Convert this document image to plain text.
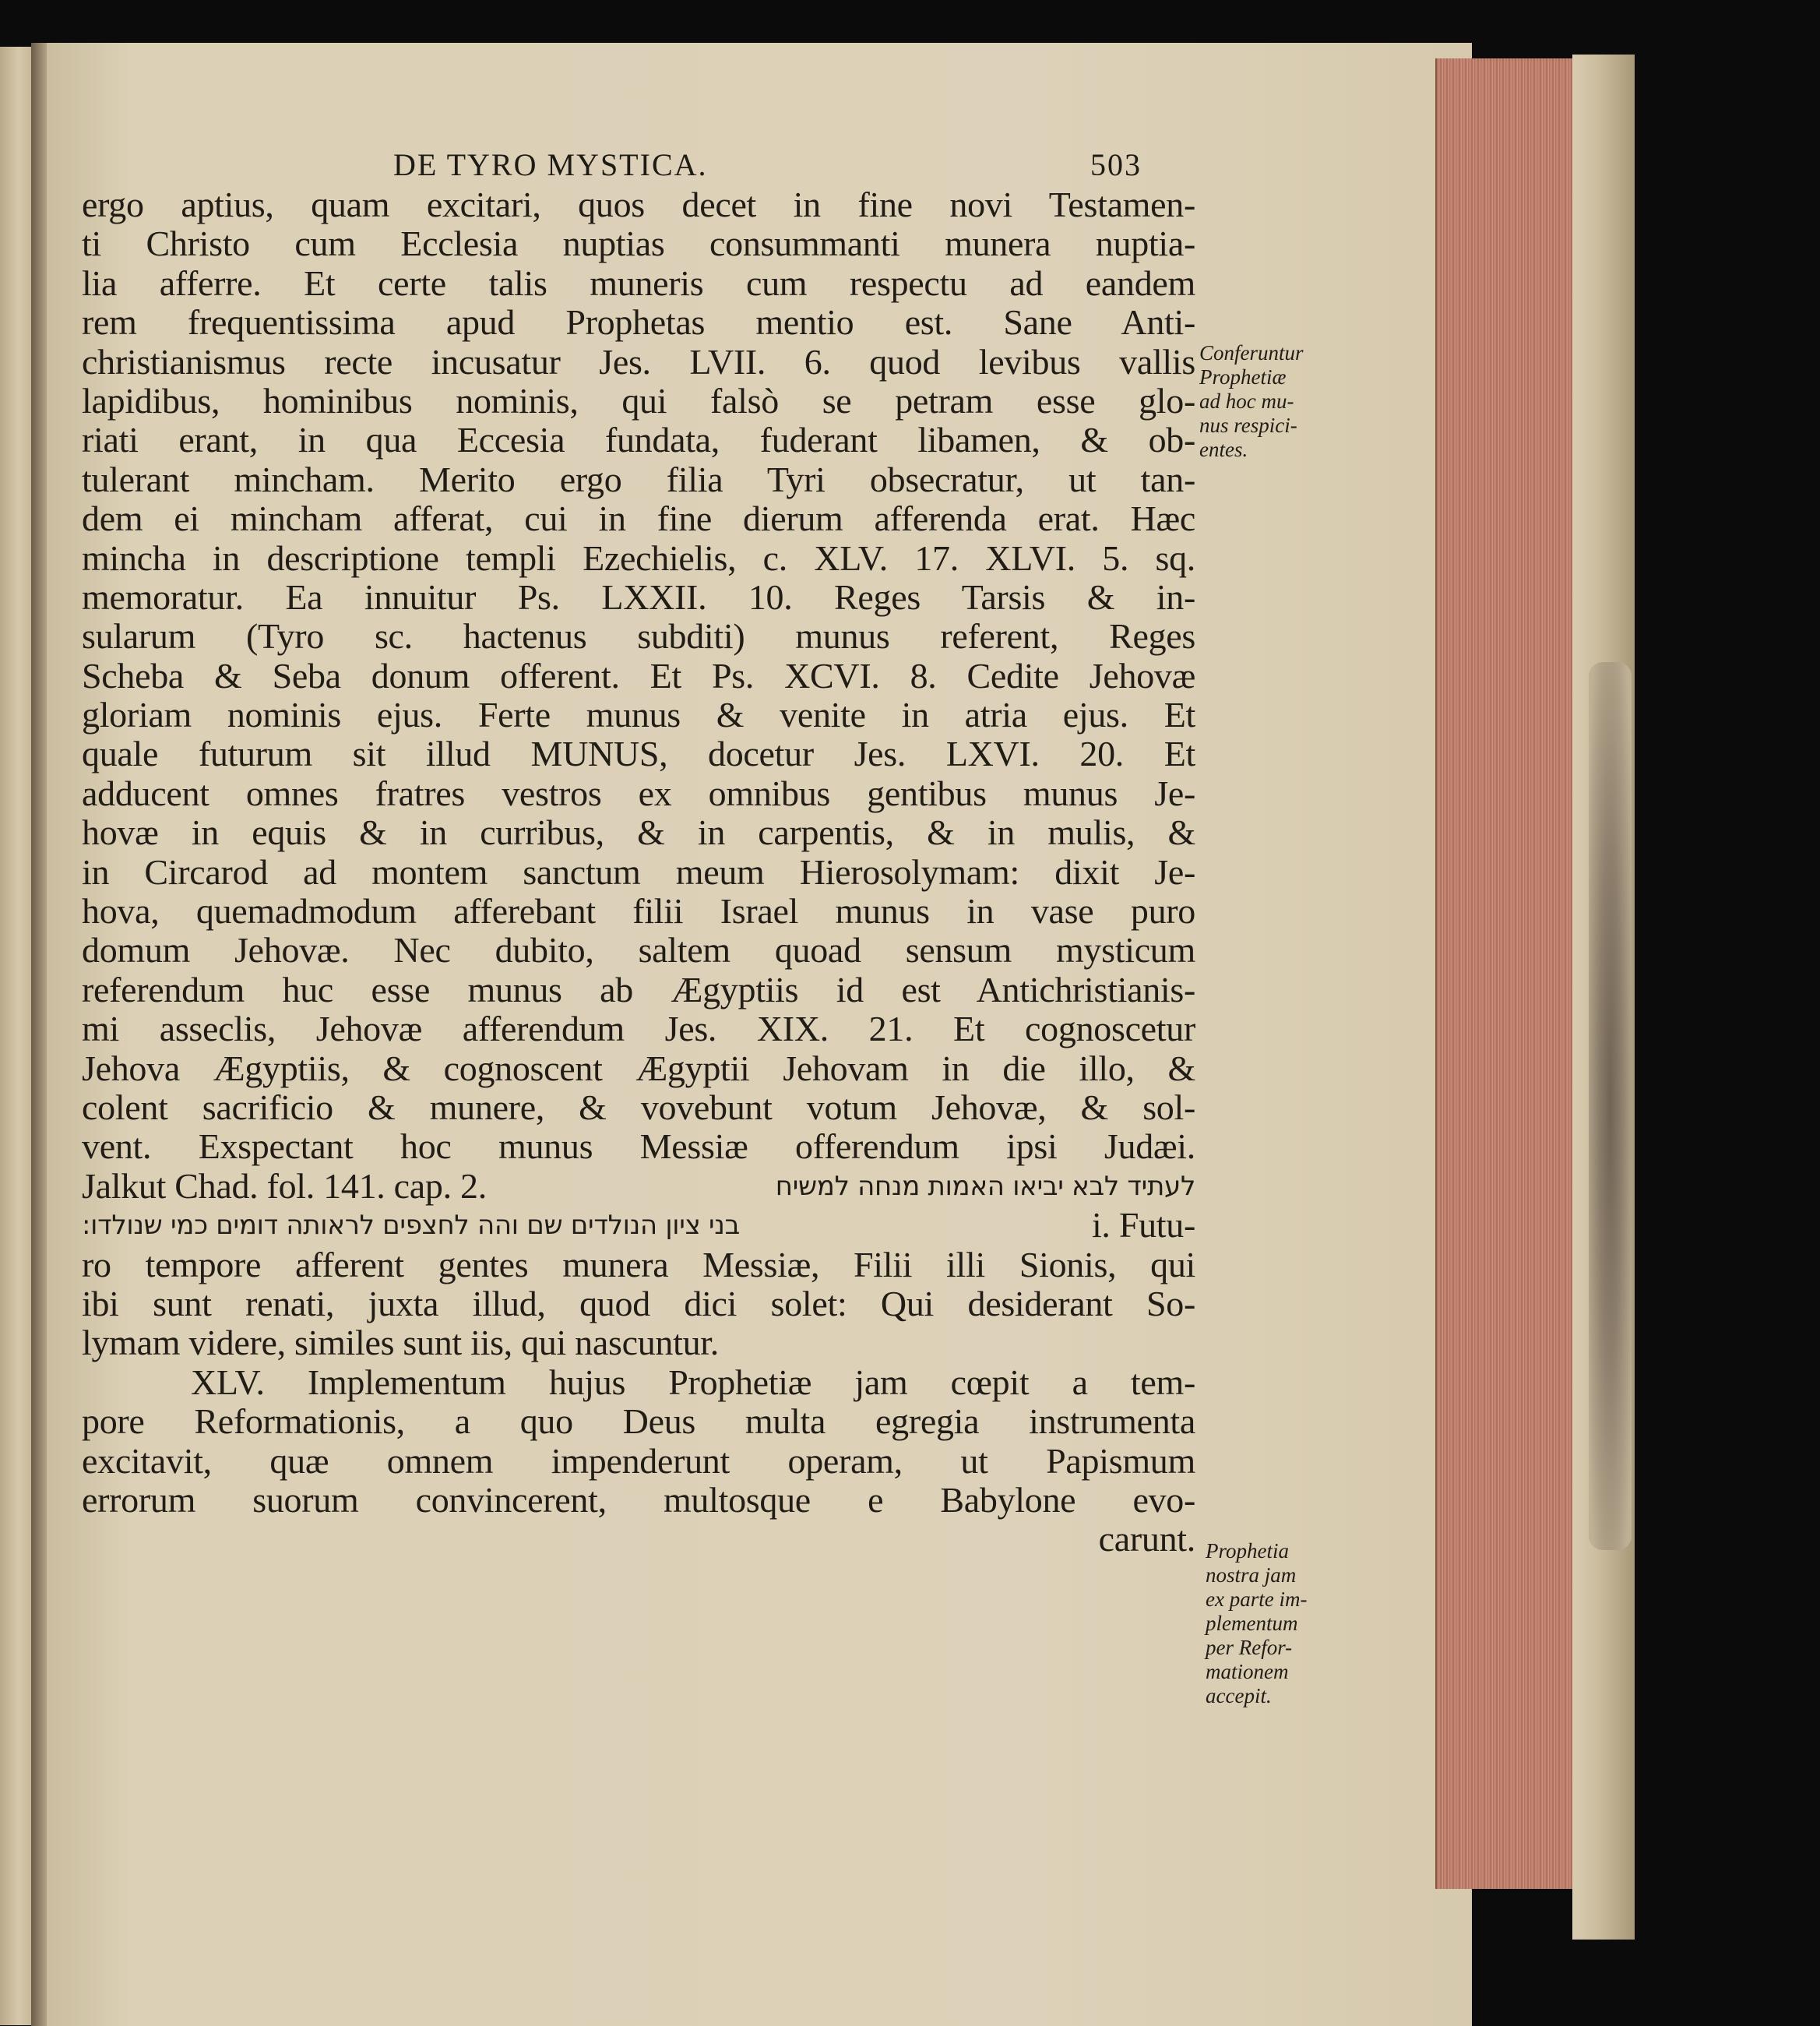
DE TYRO MYSTICA.	503
ergo aptius, quam excitari, quos decet in fine novi Testamen-
ti Christo cum Ecclesia nuptias consummanti munera nuptia-
lia afferre. Et certe talis muneris cum respectu ad eandem
rem frequentissima apud Prophetas mentio est. Sane Anti-
christianismus recte incusatur Jes. LVII. 6. quod levibus vallis
lapidibus, hominibus nominis, qui falsò se petram esse glo-
riati erant, in qua Eccesia fundata, fuderant libamen, & ob-
tulerant mincham. Merito ergo filia Tyri obsecratur, ut tan-
dem ei mincham afferat, cui in fine dierum afferenda erat. Hæc
mincha in descriptione templi Ezechielis, c. XLV. 17. XLVI. 5. sq.
memoratur. Ea innuitur Ps. LXXII. 10. Reges Tarsis & in-
sularum (Tyro sc. hactenus subditi) munus referent, Reges
Scheba & Seba donum offerent. Et Ps. XCVI. 8. Cedite Jehovæ
gloriam nominis ejus. Ferte munus & venite in atria ejus. Et
quale futurum sit illud MUNUS, docetur Jes. LXVI. 20. Et
adducent omnes fratres vestros ex omnibus gentibus munus Je-
hovæ in equis & in curribus, & in carpentis, & in mulis, &
in Circarod ad montem sanctum meum Hierosolymam: dixit Je-
hova, quemadmodum afferebant filii Israel munus in vase puro
domum Jehovæ. Nec dubito, saltem quoad sensum mysticum
referendum huc esse munus ab Ægyptiis id est Antichristianis-
mi asseclis, Jehovæ afferendum Jes. XIX. 21. Et cognoscetur
Jehova Ægyptiis, & cognoscent Ægyptii Jehovam in die illo, &
colent sacrificio & munere, & vovebunt votum Jehovæ, & sol-
vent. Exspectant hoc munus Messiæ offerendum ipsi Judæi.
Jalkut Chad. fol. 141. cap. 2.	לעתיד לבא יביאו האמות מנחה למשיח
בני ציון הנולדים שם והה לחצפים לראותה דומים כמי שנולדו:	i. Futu-
ro tempore afferent gentes munera Messiæ, Filii illi Sionis, qui
ibi sunt renati, juxta illud, quod dici solet: Qui desiderant So-
lymam videre, similes sunt iis, qui nascuntur.
XLV. Implementum hujus Prophetiæ jam cœpit a tem-
pore Reformationis, a quo Deus multa egregia instrumenta
excitavit, quæ omnem impenderunt operam, ut Papismum
errorum suorum convincerent, multosque e Babylone evo-
carunt.
Conferuntur
Prophetiæ
ad hoc mu-
nus respici-
entes.
Prophetia
nostra jam
ex parte im-
plementum
per Refor-
mationem
accepit.
